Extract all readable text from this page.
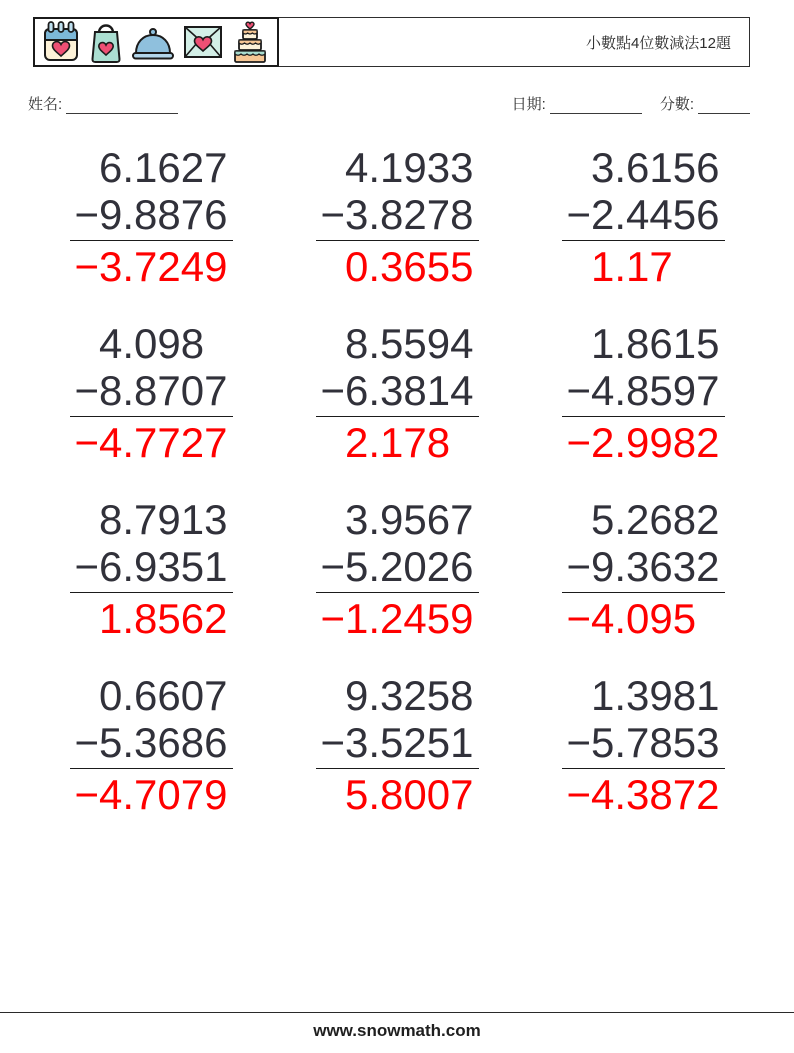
小數點4位數減法12題
姓名:	日期:	分數:
6.1627
−9.8876
−3.7249
4.1933
−3.8278
0.3655
3.6156
−2.4456
1.17
4.098
−8.8707
−4.7727
8.5594
−6.3814
2.178
1.8615
−4.8597
−2.9982
8.7913
−6.9351
1.8562
3.9567
−5.2026
−1.2459
5.2682
−9.3632
−4.095
0.6607
−5.3686
−4.7079
9.3258
−3.5251
5.8007
1.3981
−5.7853
−4.3872
www.snowmath.com
